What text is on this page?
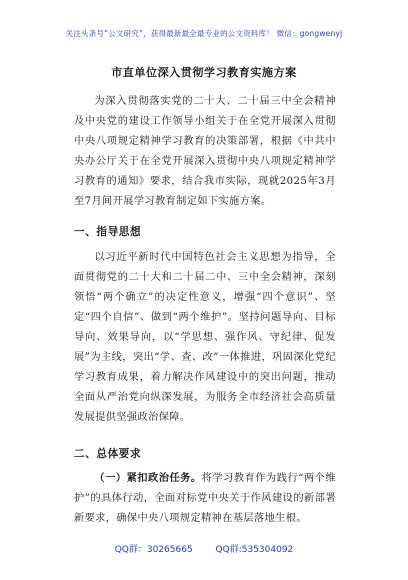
关注头条号“公文研究”，获得最新最全最专业的公文资料库！ 微信：gongwenyj
市直单位深入贯彻学习教育实施方案
为深入贯彻落实党的二十大、二十届三中全会精神及中央党的建设工作领导小组关于在全党开展深入贯彻中央八项规定精神学习教育的决策部署，根据《中共中央办公厅关于在全党开展深入贯彻中央八项规定精神学习教育的通知》要求，结合我市实际，现就2025年3月至7月间开展学习教育制定如下实施方案。
一、指导思想
以习近平新时代中国特色社会主义思想为指导，全面贯彻党的二十大和二十届二中、三中全会精神，深刻领悟“两个确立”的决定性意义，增强“四个意识”、坚定“四个自信”、做到“两个维护”。坚持问题导向、目标导向、效果导向，以“学思想、强作风、守纪律、促发展”为主线，突出“学、查、改”一体推进，巩固深化党纪学习教育成果，着力解决作风建设中的突出问题，推动全面从严治党向纵深发展，为服务全市经济社会高质量发展提供坚强政治保障。
二、总体要求
（一）紧扣政治任务。将学习教育作为践行“两个维护”的具体行动，全面对标党中央关于作风建设的新部署新要求，确保中央八项规定精神在基层落地生根。
QQ群：30265665	QQ群:535304092
